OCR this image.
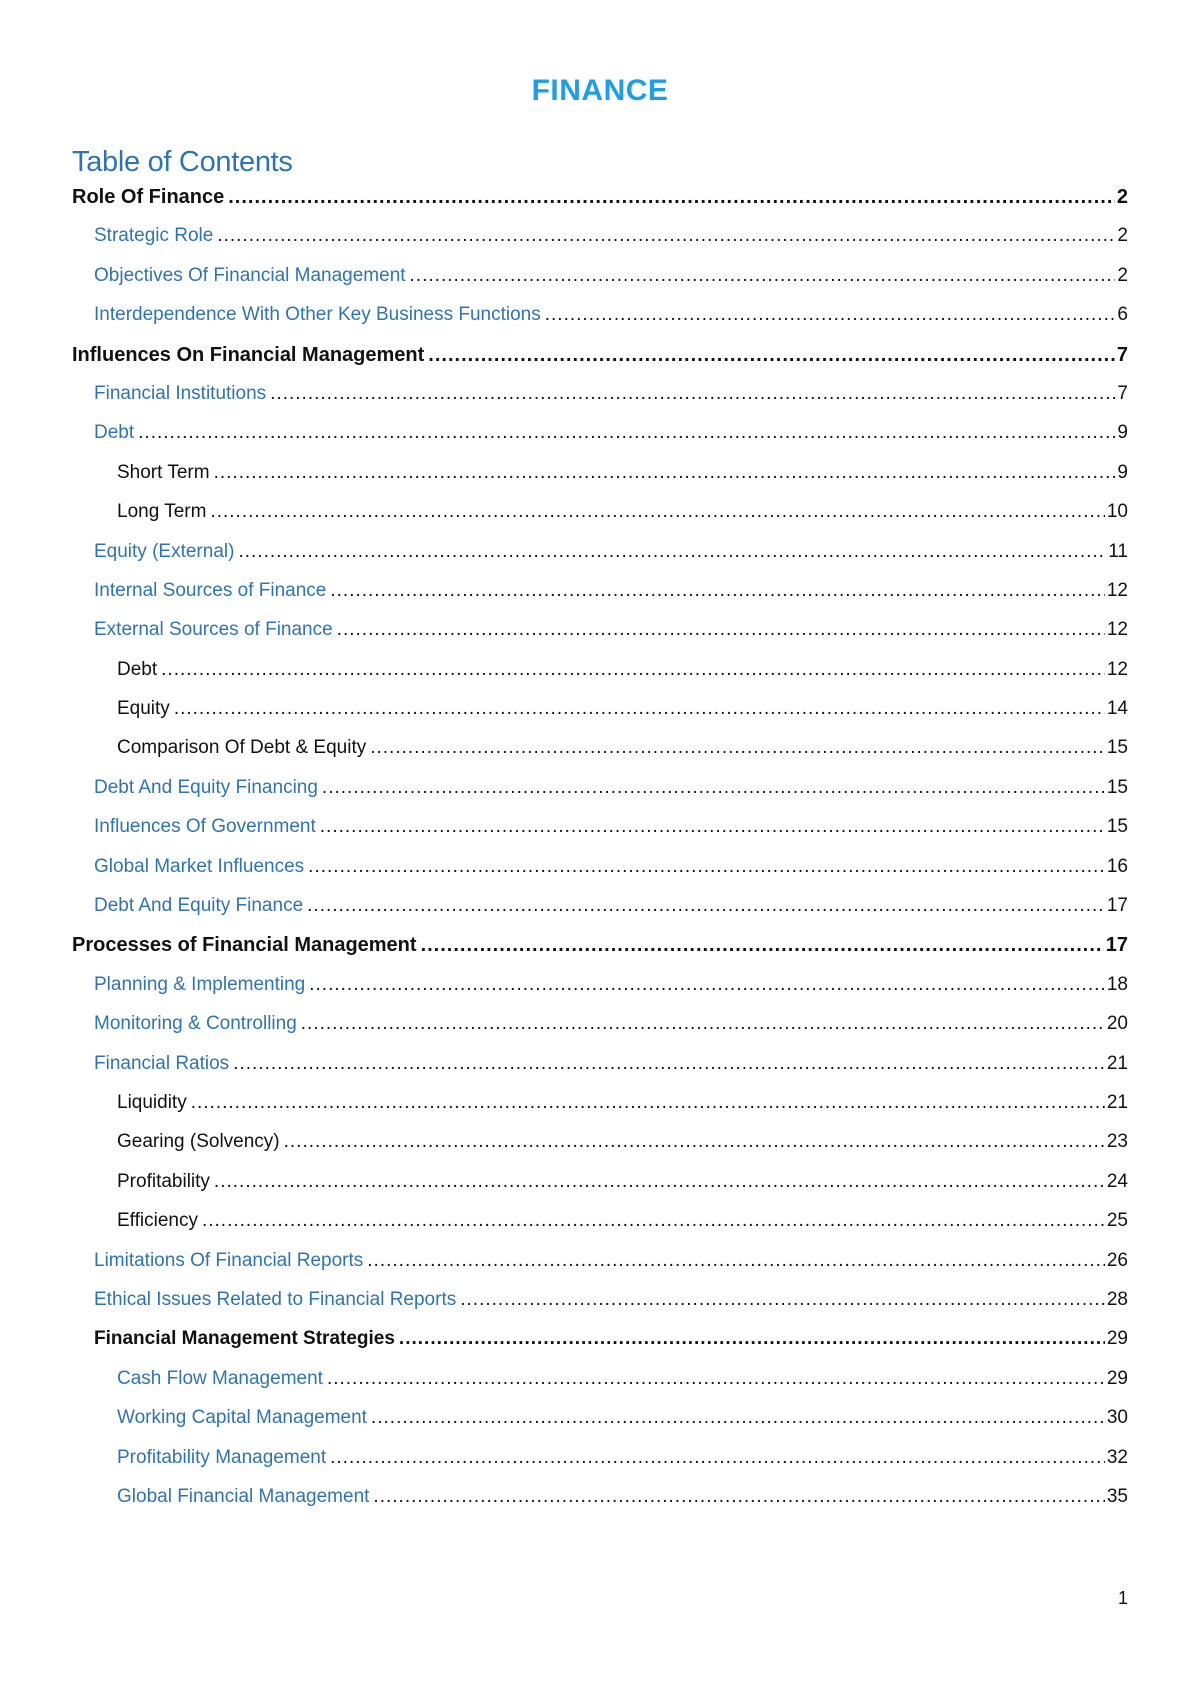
FINANCE
Table of Contents
Role Of Finance .....	2
Strategic Role .....	2
Objectives Of Financial Management .....	2
Interdependence With Other Key Business Functions .....	6
Influences On Financial Management .....	7
Financial Institutions .....	7
Debt .....	9
Short Term .....	9
Long Term .....	10
Equity (External) .....	11
Internal Sources of Finance .....	12
External Sources of Finance .....	12
Debt .....	12
Equity .....	14
Comparison Of Debt & Equity .....	15
Debt And Equity Financing .....	15
Influences Of Government .....	15
Global Market Influences .....	16
Debt And Equity Finance .....	17
Processes of Financial Management .....	17
Planning & Implementing .....	18
Monitoring & Controlling .....	20
Financial Ratios .....	21
Liquidity .....	21
Gearing (Solvency) .....	23
Profitability .....	24
Efficiency .....	25
Limitations Of Financial Reports .....	26
Ethical Issues Related to Financial Reports .....	28
Financial Management Strategies .....	29
Cash Flow Management .....	29
Working Capital Management .....	30
Profitability Management .....	32
Global Financial Management .....	35
1
